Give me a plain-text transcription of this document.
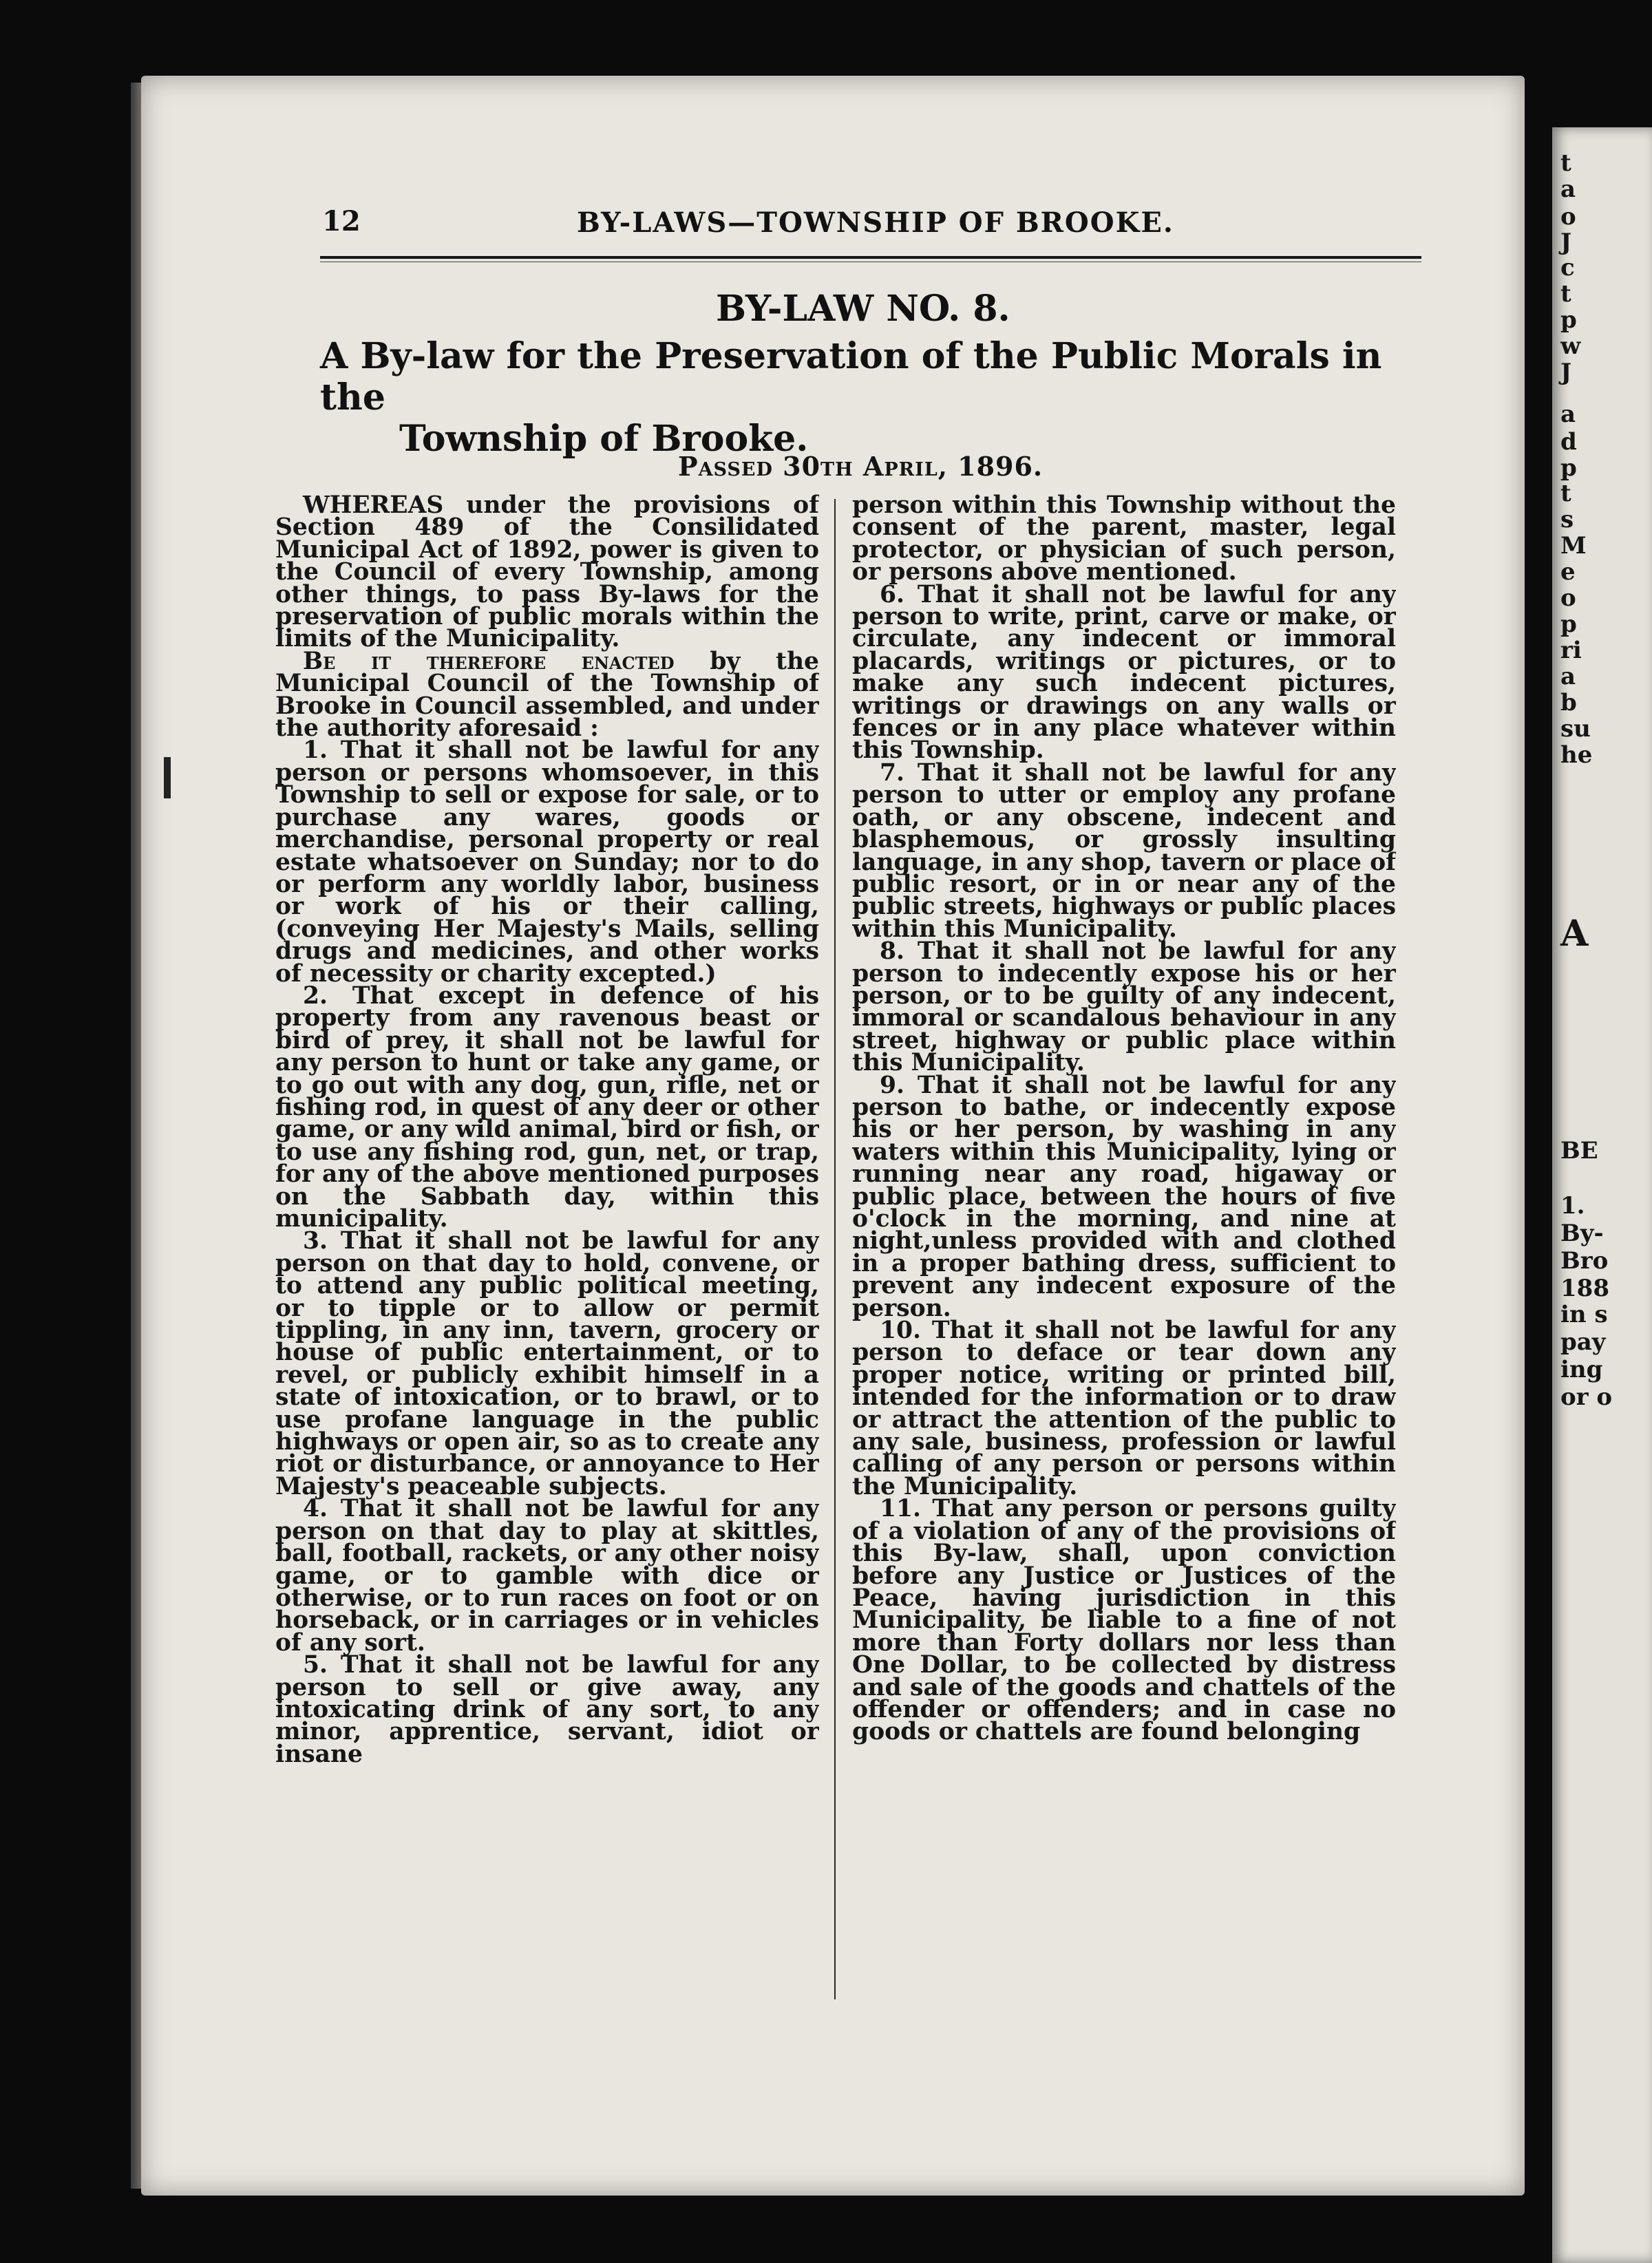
12	BY-LAWS—TOWNSHIP OF BROOKE.
BY-LAW NO. 8.
A By-law for the Preservation of the Public Morals in the
Township of Brooke.
Passed 30th April, 1896.

WHEREAS under the provisions of Section 489 of the Consilidated Municipal Act of 1892, power is given to the Council of every Township, among other things, to pass By-laws for the preservation of public morals within the limits of the Municipality.

Be it therefore enacted by the Municipal Council of the Township of Brooke in Council assembled, and under the authority aforesaid :

1. That it shall not be lawful for any person or persons whomsoever, in this Township to sell or expose for sale, or to purchase any wares, goods or merchandise, personal property or real estate whatsoever on Sunday; nor to do or perform any worldly labor, business or work of his or their calling, (conveying Her Majesty's Mails, selling drugs and medicines, and other works of necessity or charity excepted.)

2. That except in defence of his property from any ravenous beast or bird of prey, it shall not be lawful for any person to hunt or take any game, or to go out with any dog, gun, rifle, net or fishing rod, in quest of any deer or other game, or any wild animal, bird or fish, or to use any fishing rod, gun, net, or trap, for any of the above mentioned purposes on the Sabbath day, within this municipality.

3. That it shall not be lawful for any person on that day to hold, convene, or to attend any public political meeting, or to tipple or to allow or permit tippling, in any inn, tavern, grocery or house of public entertainment, or to revel, or publicly exhibit himself in a state of intoxication, or to brawl, or to use profane language in the public highways or open air, so as to create any riot or disturbance, or annoyance to Her Majesty's peaceable subjects.

4. That it shall not be lawful for any person on that day to play at skittles, ball, football, rackets, or any other noisy game, or to gamble with dice or otherwise, or to run races on foot or on horseback, or in carriages or in vehicles of any sort.

5. That it shall not be lawful for any person to sell or give away, any intoxicating drink of any sort, to any minor, apprentice, servant, idiot or insane

person within this Township without the consent of the parent, master, legal protector, or physician of such person, or persons above mentioned.

6. That it shall not be lawful for any person to write, print, carve or make, or circulate, any indecent or immoral placards, writings or pictures, or to make any such indecent pictures, writings or drawings on any walls or fences or in any place whatever within this Township.

7. That it shall not be lawful for any person to utter or employ any profane oath, or any obscene, indecent and blasphemous, or grossly insulting language, in any shop, tavern or place of public resort, or in or near any of the public streets, highways or public places within this Municipality.

8. That it shall not be lawful for any person to indecently expose his or her person, or to be guilty of any indecent, immoral or scandalous behaviour in any street, highway or public place within this Municipality.

9. That it shall not be lawful for any person to bathe, or indecently expose his or her person, by washing in any waters within this Municipality, lying or running near any road, higaway or public place, between the hours of five o'clock in the morning, and nine at night,unless provided with and clothed in a proper bathing dress, sufficient to prevent any indecent exposure of the person.

10. That it shall not be lawful for any person to deface or tear down any proper notice, writing or printed bill, intended for the information or to draw or attract the attention of the public to any sale, business, profession or lawful calling of any person or persons within the Municipality.

11. That any person or persons guilty of a violation of any of the provisions of this By-law, shall, upon conviction before any Justice or Justices of the Peace, having jurisdiction in this Municipality, be liable to a fine of not more than Forty dollars nor less than One Dollar, to be collected by distress and sale of the goods and chattels of the offender or offenders; and in case no goods or chattels are found belonging

t
a
o
J
c
t
p
w
J
a
d
p
t
s
M
e
o
p
ri
a
b
su
he
A
BE
1.
By-
Bro
188
in s
pay
ing
or o
